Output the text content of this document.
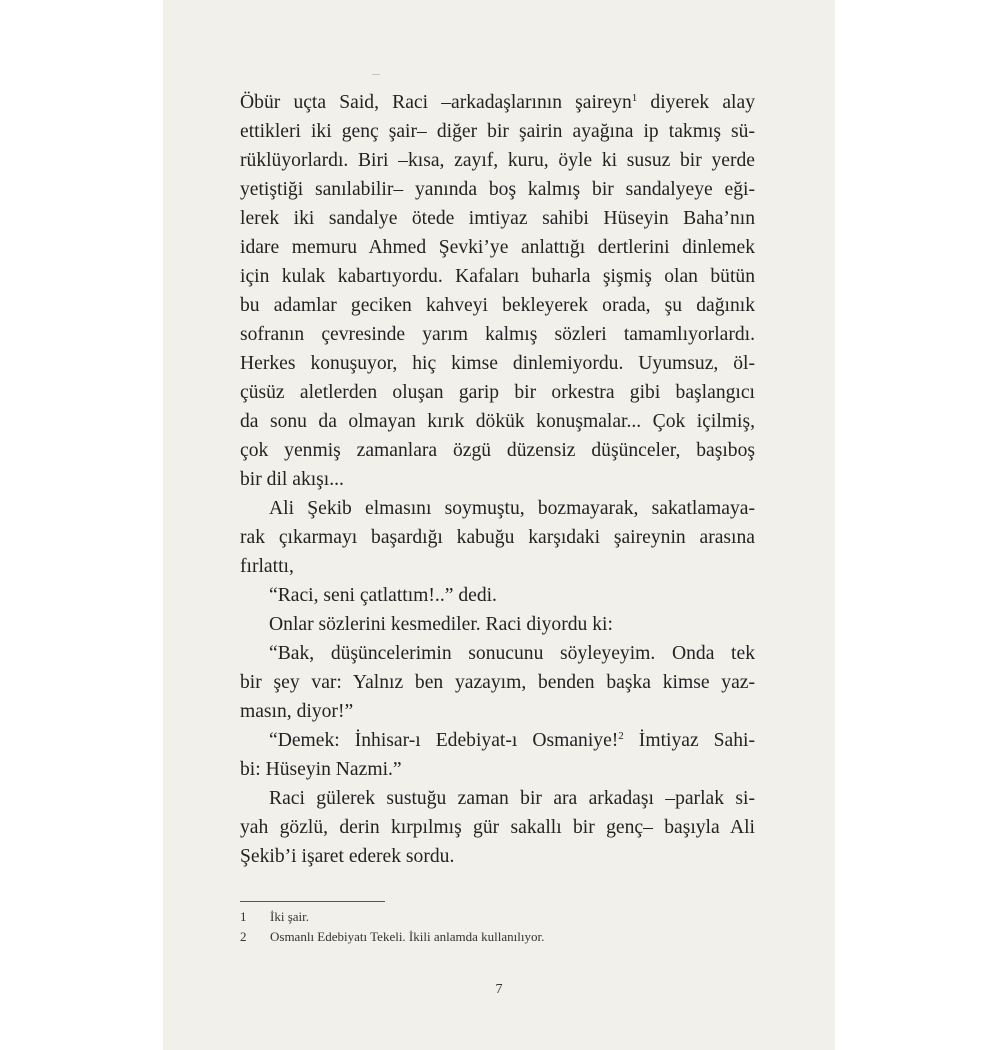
Öbür uçta Said, Raci –arkadaşlarının şaireyn$^1$ diyerek alay
ettikleri iki genç şair– diğer bir şairin ayağına ip takmış sü-
rüklüyorlardı. Biri –kısa, zayıf, kuru, öyle ki susuz bir yerde
yetiştiği sanılabilir– yanında boş kalmış bir sandalyeye eği-
lerek iki sandalye ötede imtiyaz sahibi Hüseyin Baha’nın
idare memuru Ahmed Şevki’ye anlattığı dertlerini dinlemek
için kulak kabartıyordu. Kafaları buharla şişmiş olan bütün
bu adamlar geciken kahveyi bekleyerek orada, şu dağınık
sofranın çevresinde yarım kalmış sözleri tamamlıyorlardı.
Herkes konuşuyor, hiç kimse dinlemiyordu. Uyumsuz, öl-
çüsüz aletlerden oluşan garip bir orkestra gibi başlangıcı
da sonu da olmayan kırık dökük konuşmalar... Çok içilmiş,
çok yenmiş zamanlara özgü düzensiz düşünceler, başıboş
bir dil akışı...

Ali Şekib elmasını soymuştu, bozmayarak, sakatlamaya-
rak çıkarmayı başardığı kabuğu karşıdaki şaireynin arasına
fırlattı,

“Raci, seni çatlattım!..” dedi.

Onlar sözlerini kesmediler. Raci diyordu ki:

“Bak, düşüncelerimin sonucunu söyleyeyim. Onda tek
bir şey var: Yalnız ben yazayım, benden başka kimse yaz-
masın, diyor!”

“Demek: İnhisar-ı Edebiyat-ı Osmaniye!$^2$ İmtiyaz Sahi-
bi: Hüseyin Nazmi.”

Raci gülerek sustuğu zaman bir ara arkadaşı –parlak si-
yah gözlü, derin kırpılmış gür sakallı bir genç– başıyla Ali
Şekib’i işaret ederek sordu.

1	İki şair.
2	Osmanlı Edebiyatı Tekeli. İkili anlamda kullanılıyor.
7
